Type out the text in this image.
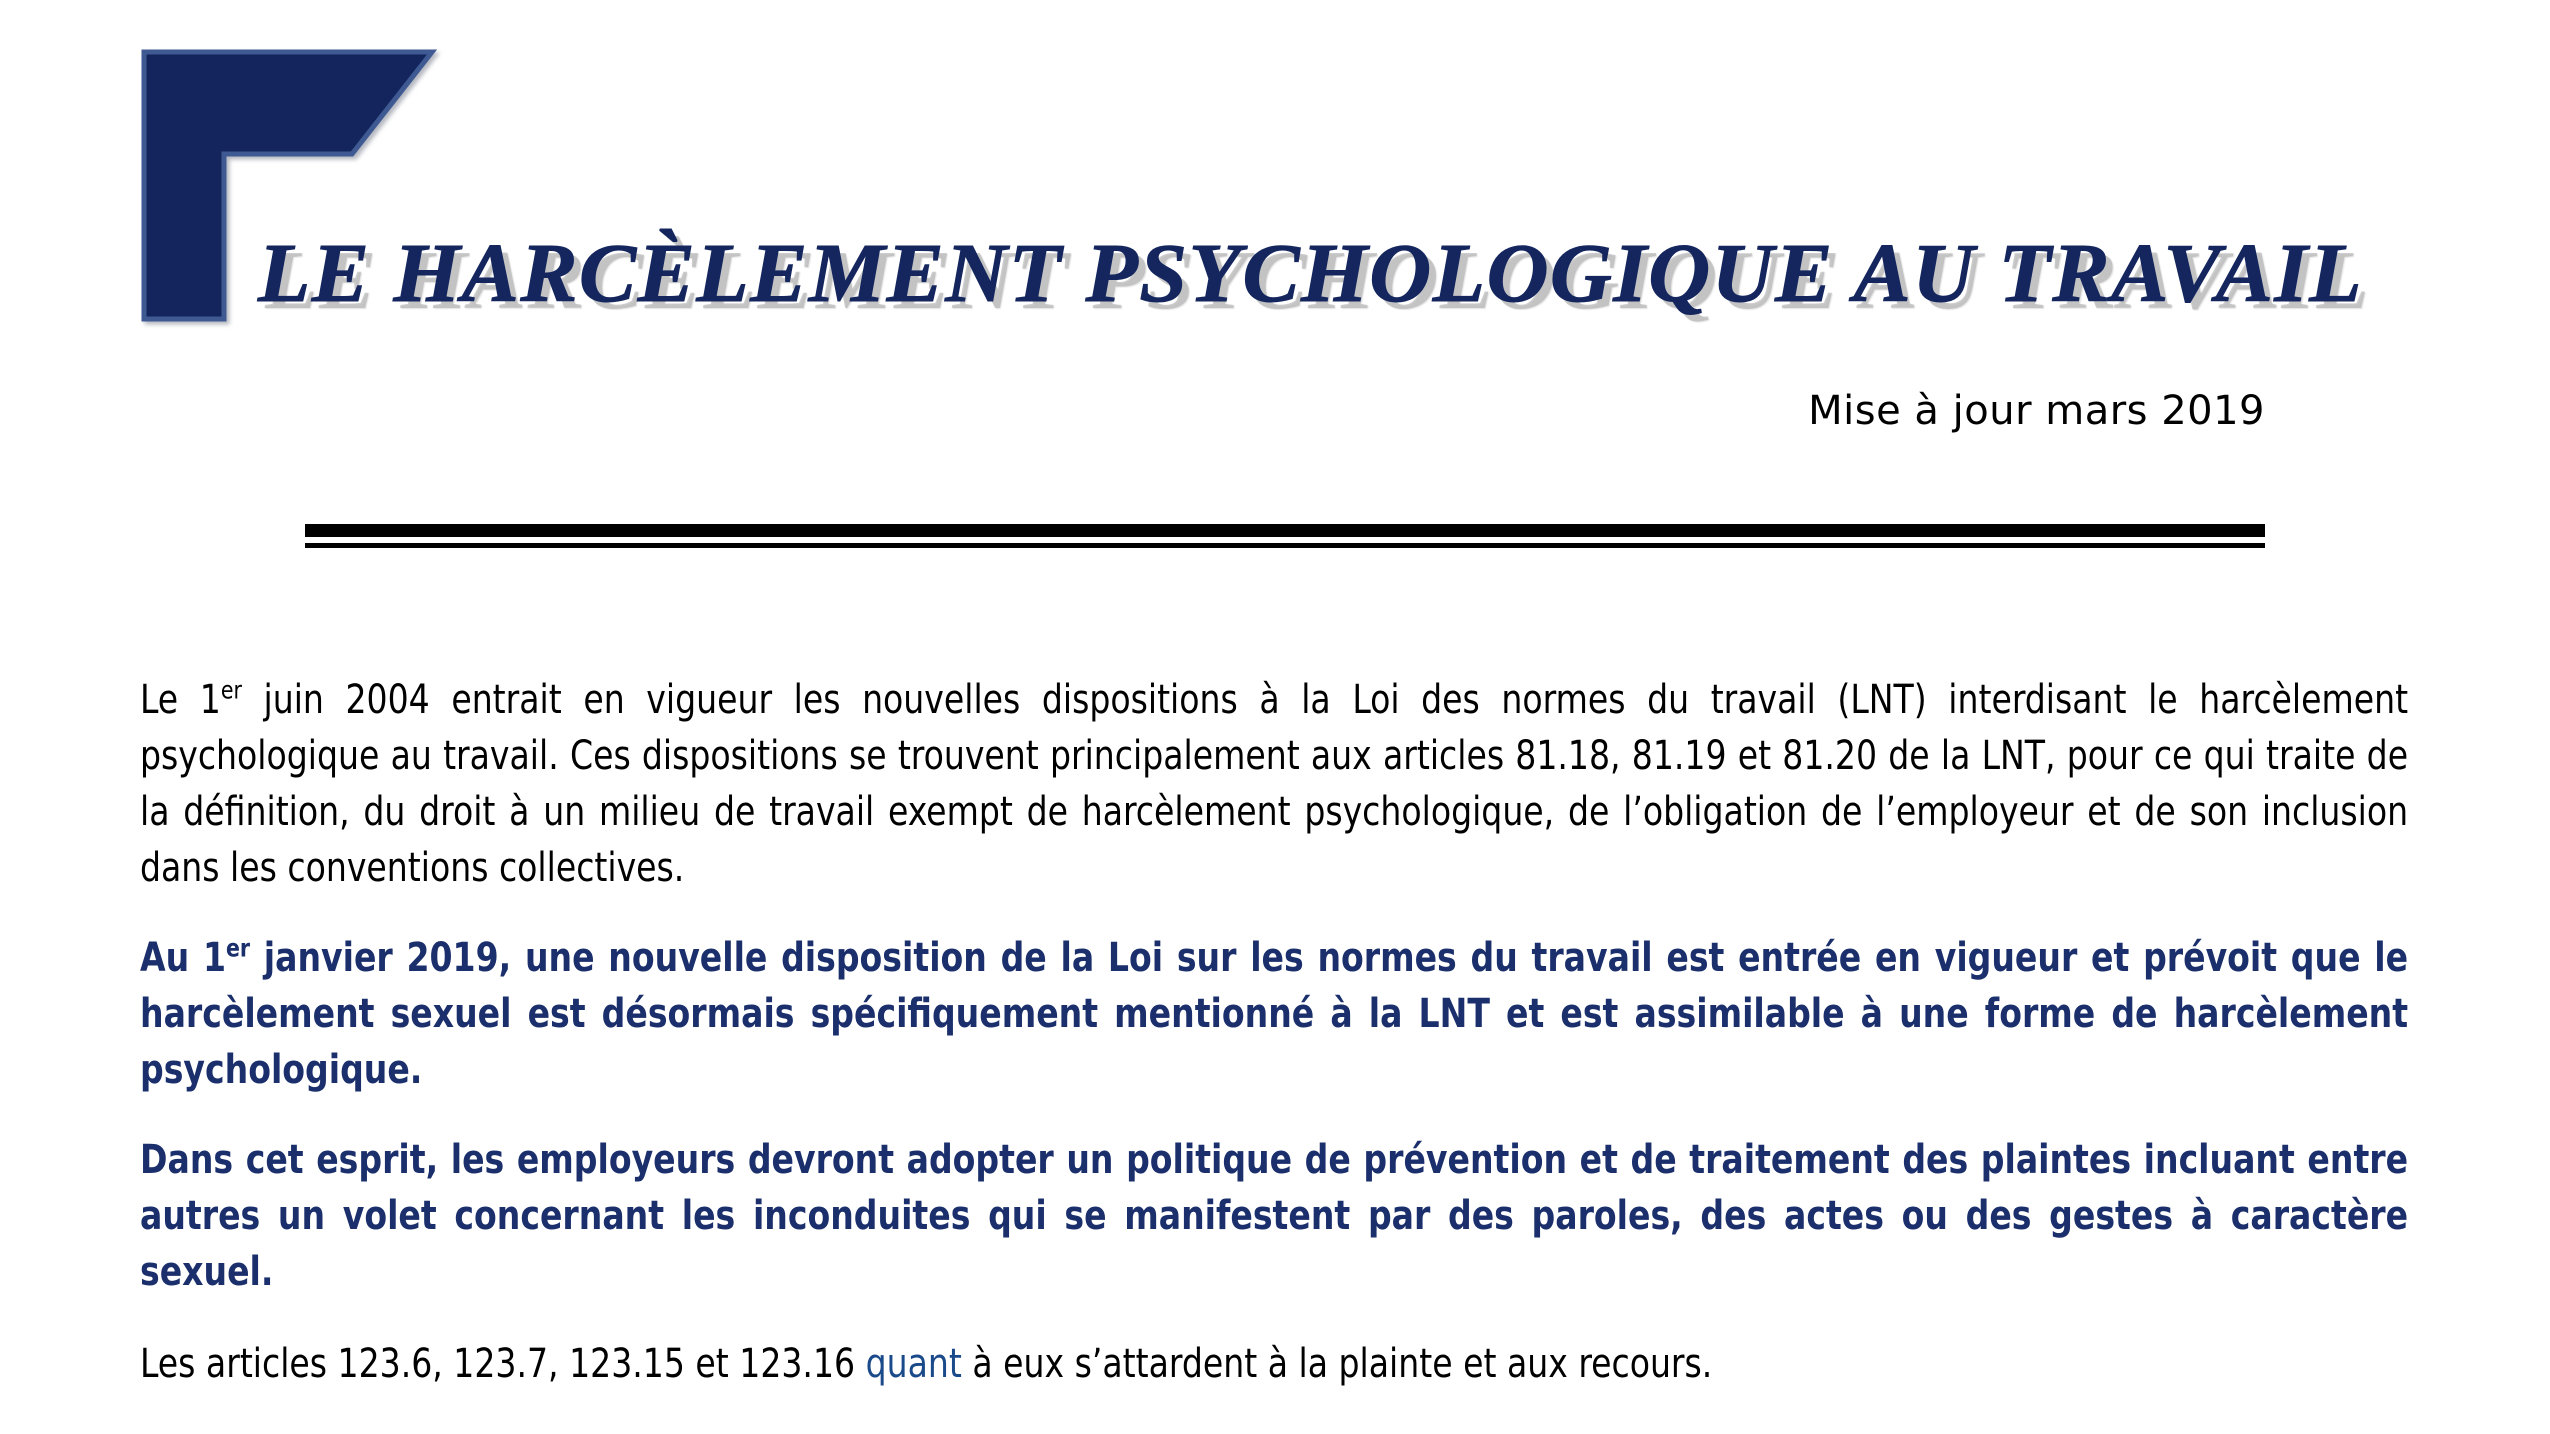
LE HARCÈLEMENT PSYCHOLOGIQUE AU TRAVAIL
Mise à jour mars 2019

Le 1er juin 2004 entrait en vigueur les nouvelles dispositions à la Loi des normes du travail (LNT) interdisant le harcèlement psychologique au travail. Ces dispositions se trouvent principalement aux articles 81.18, 81.19 et 81.20 de la LNT, pour ce qui traite de la définition, du droit à un milieu de travail exempt de harcèlement psychologique, de l’obligation de l’employeur et de son inclusion dans les conventions collectives.

Au 1er janvier 2019, une nouvelle disposition de la Loi sur les normes du travail est entrée en vigueur et prévoit que le harcèlement sexuel est désormais spécifiquement mentionné à la LNT et est assimilable à une forme de harcèlement psychologique.

Dans cet esprit, les employeurs devront adopter un politique de prévention et de traitement des plaintes incluant entre autres un volet concernant les inconduites qui se manifestent par des paroles, des actes ou des gestes à caractère sexuel.

Les articles 123.6, 123.7, 123.15 et 123.16 quant à eux s’attardent à la plainte et aux recours.
